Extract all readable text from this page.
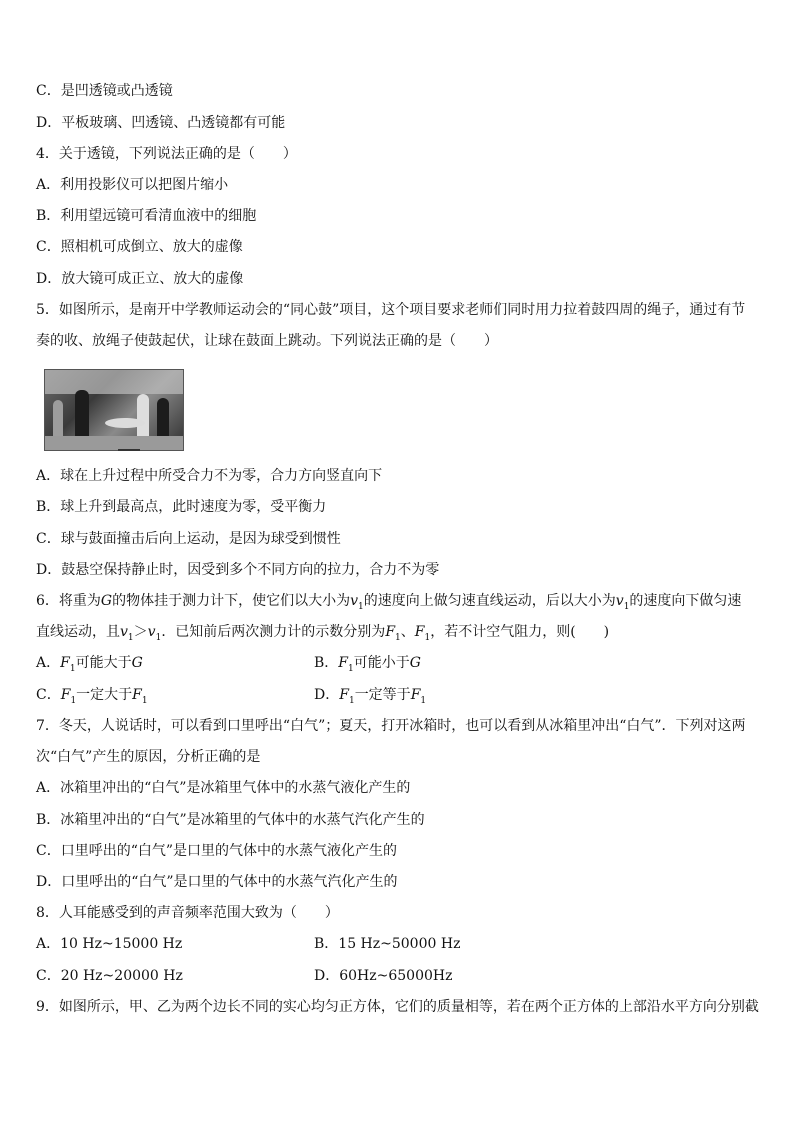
C．是凹透镜或凸透镜
D．平板玻璃、凹透镜、凸透镜都有可能
4．关于透镜，下列说法正确的是（　　）
A．利用投影仪可以把图片缩小
B．利用望远镜可看清血液中的细胞
C．照相机可成倒立、放大的虚像
D．放大镜可成正立、放大的虚像
5．如图所示，是南开中学教师运动会的“同心鼓”项目，这个项目要求老师们同时用力拉着鼓四周的绳子，通过有节
奏的收、放绳子使鼓起伏，让球在鼓面上跳动。下列说法正确的是（　　）
A．球在上升过程中所受合力不为零，合力方向竖直向下
B．球上升到最高点，此时速度为零，受平衡力
C．球与鼓面撞击后向上运动，是因为球受到惯性
D．鼓悬空保持静止时，因受到多个不同方向的拉力，合力不为零
6．将重为G的物体挂于测力计下，使它们以大小为$v_1$的速度向上做匀速直线运动，后以大小为$v_1$的速度向下做匀速
直线运动，且$v_1>v_1$．已知前后两次测力计的示数分别为$F_1$、$F_1$，若不计空气阻力，则(　　)
A．$F_1$可能大于G	B．$F_1$可能小于G
C．$F_1$一定大于$F_1$	D．$F_1$一定等于$F_1$
7．冬天，人说话时，可以看到口里呼出“白气”；夏天，打开冰箱时，也可以看到从冰箱里冲出“白气”．下列对这两
次“白气”产生的原因，分析正确的是
A．冰箱里冲出的“白气”是冰箱里气体中的水蒸气液化产生的
B．冰箱里冲出的“白气”是冰箱里的气体中的水蒸气汽化产生的
C．口里呼出的“白气”是口里的气体中的水蒸气液化产生的
D．口里呼出的“白气”是口里的气体中的水蒸气汽化产生的
8．人耳能感受到的声音频率范围大致为（　　）
A．10 Hz~15000 Hz	B．15 Hz~50000 Hz
C．20 Hz~20000 Hz	D．60Hz~65000Hz
9．如图所示，甲、乙为两个边长不同的实心均匀正方体，它们的质量相等，若在两个正方体的上部沿水平方向分别截
